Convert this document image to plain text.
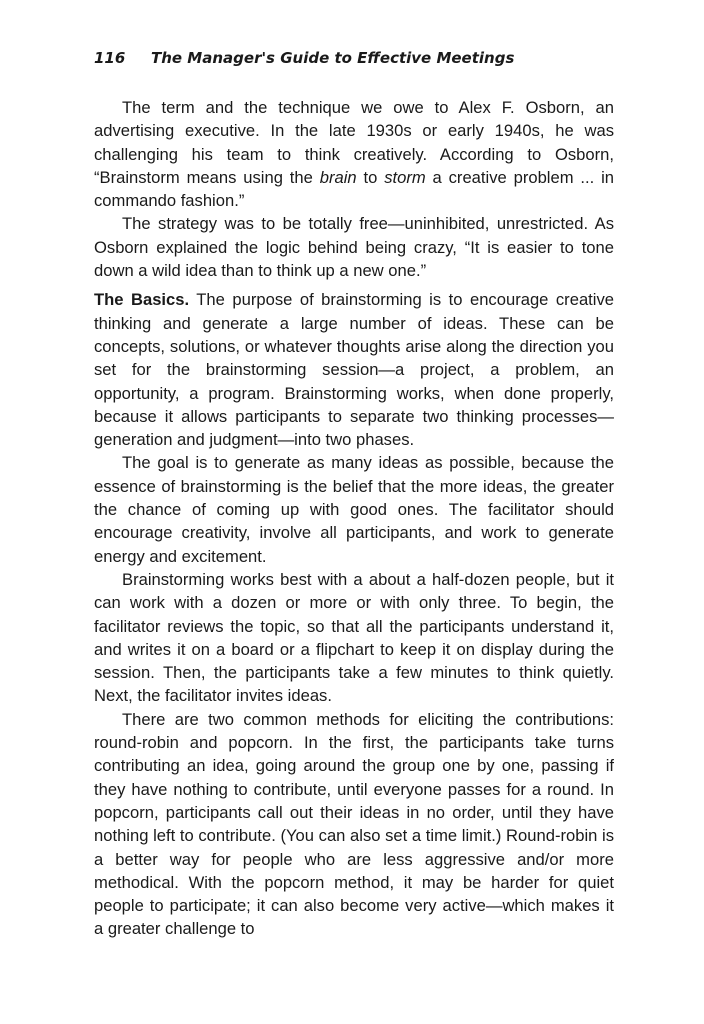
116 The Manager's Guide to Effective Meetings

The term and the technique we owe to Alex F. Osborn, an advertising executive. In the late 1930s or early 1940s, he was challenging his team to think creatively. According to Osborn, “Brainstorm means using the brain to storm a creative problem ... in commando fashion.”

The strategy was to be totally free—uninhibited, unrestricted. As Osborn explained the logic behind being crazy, “It is easier to tone down a wild idea than to think up a new one.”

The Basics. The purpose of brainstorming is to encourage creative thinking and generate a large number of ideas. These can be concepts, solutions, or whatever thoughts arise along the direction you set for the brainstorming session—a project, a problem, an opportunity, a program. Brainstorming works, when done properly, because it allows participants to separate two thinking processes—generation and judgment—into two phases.

The goal is to generate as many ideas as possible, because the essence of brainstorming is the belief that the more ideas, the greater the chance of coming up with good ones. The facilitator should encourage creativity, involve all participants, and work to generate energy and excitement.

Brainstorming works best with a about a half-dozen people, but it can work with a dozen or more or with only three. To begin, the facilitator reviews the topic, so that all the participants understand it, and writes it on a board or a flipchart to keep it on display during the session. Then, the participants take a few minutes to think quietly. Next, the facilitator invites ideas.

There are two common methods for eliciting the contributions: round-robin and popcorn. In the first, the participants take turns contributing an idea, going around the group one by one, passing if they have nothing to contribute, until everyone passes for a round. In popcorn, participants call out their ideas in no order, until they have nothing left to contribute. (You can also set a time limit.) Round-robin is a better way for people who are less aggressive and/or more methodical. With the popcorn method, it may be harder for quiet people to participate; it can also become very active—which makes it a greater challenge to
